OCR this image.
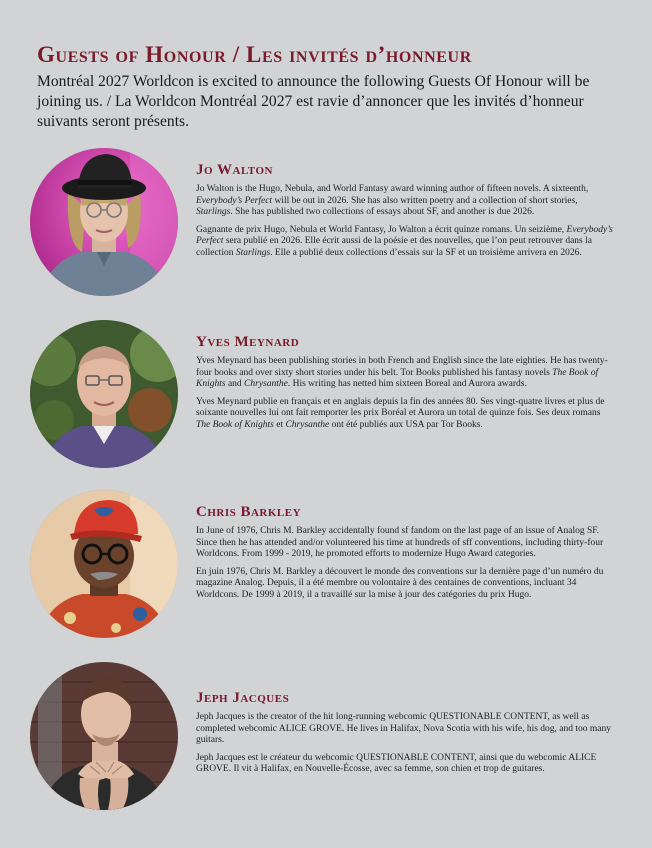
Guests of Honour / Les invités d’honneur

Montréal 2027 Worldcon is excited to announce the following Guests Of Honour will be joining us. / La Worldcon Montréal 2027 est ravie d’annoncer que les invités d’honneur suivants seront présents.

Jo Walton

Jo Walton is the Hugo, Nebula, and World Fantasy award winning author of fifteen novels. A sixteenth, Everybody’s Perfect will be out in 2026. She has also written poetry and a collection of short stories, Starlings. She has published two collections of essays about SF, and another is due 2026.

Gagnante de prix Hugo, Nebula et World Fantasy, Jo Walton a écrit quinze romans. Un seizième, Everybody’s Perfect sera publié en 2026. Elle écrit aussi de la poésie et des nouvelles, que l’on peut retrouver dans la collection Starlings. Elle a publié deux collections d’essais sur la SF et un troisième arrivera en 2026.

Yves Meynard

Yves Meynard has been publishing stories in both French and English since the late eighties. He has twenty-four books and over sixty short stories under his belt. Tor Books published his fantasy novels The Book of Knights and Chrysanthe. His writing has netted him sixteen Boreal and Aurora awards.

Yves Meynard publie en français et en anglais depuis la fin des années 80. Ses vingt-quatre livres et plus de soixante nouvelles lui ont fait remporter les prix Boréal et Aurora un total de quinze fois. Ses deux romans The Book of Knights et Chrysanthe ont été publiés aux USA par Tor Books.

Chris Barkley

In June of 1976, Chris M. Barkley accidentally found sf fandom on the last page of an issue of Analog SF. Since then he has attended and/or volunteered his time at hundreds of sff conventions, including thirty-four Worldcons. From 1999 - 2019, he promoted efforts to modernize Hugo Award categories.

En juin 1976, Chris M. Barkley a découvert le monde des conventions sur la dernière page d’un numéro du magazine Analog. Depuis, il a été membre ou volontaire à des centaines de conventions, incluant 34 Worldcons. De 1999 à 2019, il a travaillé sur la mise à jour des catégories du prix Hugo.

Jeph Jacques

Jeph Jacques is the creator of the hit long-running webcomic QUESTIONABLE CONTENT, as well as completed webcomic ALICE GROVE. He lives in Halifax, Nova Scotia with his wife, his dog, and too many guitars.

Jeph Jacques est le créateur du webcomic QUESTIONABLE CONTENT, ainsi que du webcomic ALICE GROVE. Il vit à Halifax, en Nouvelle-Écosse, avec sa femme, son chien et trop de guitares.
